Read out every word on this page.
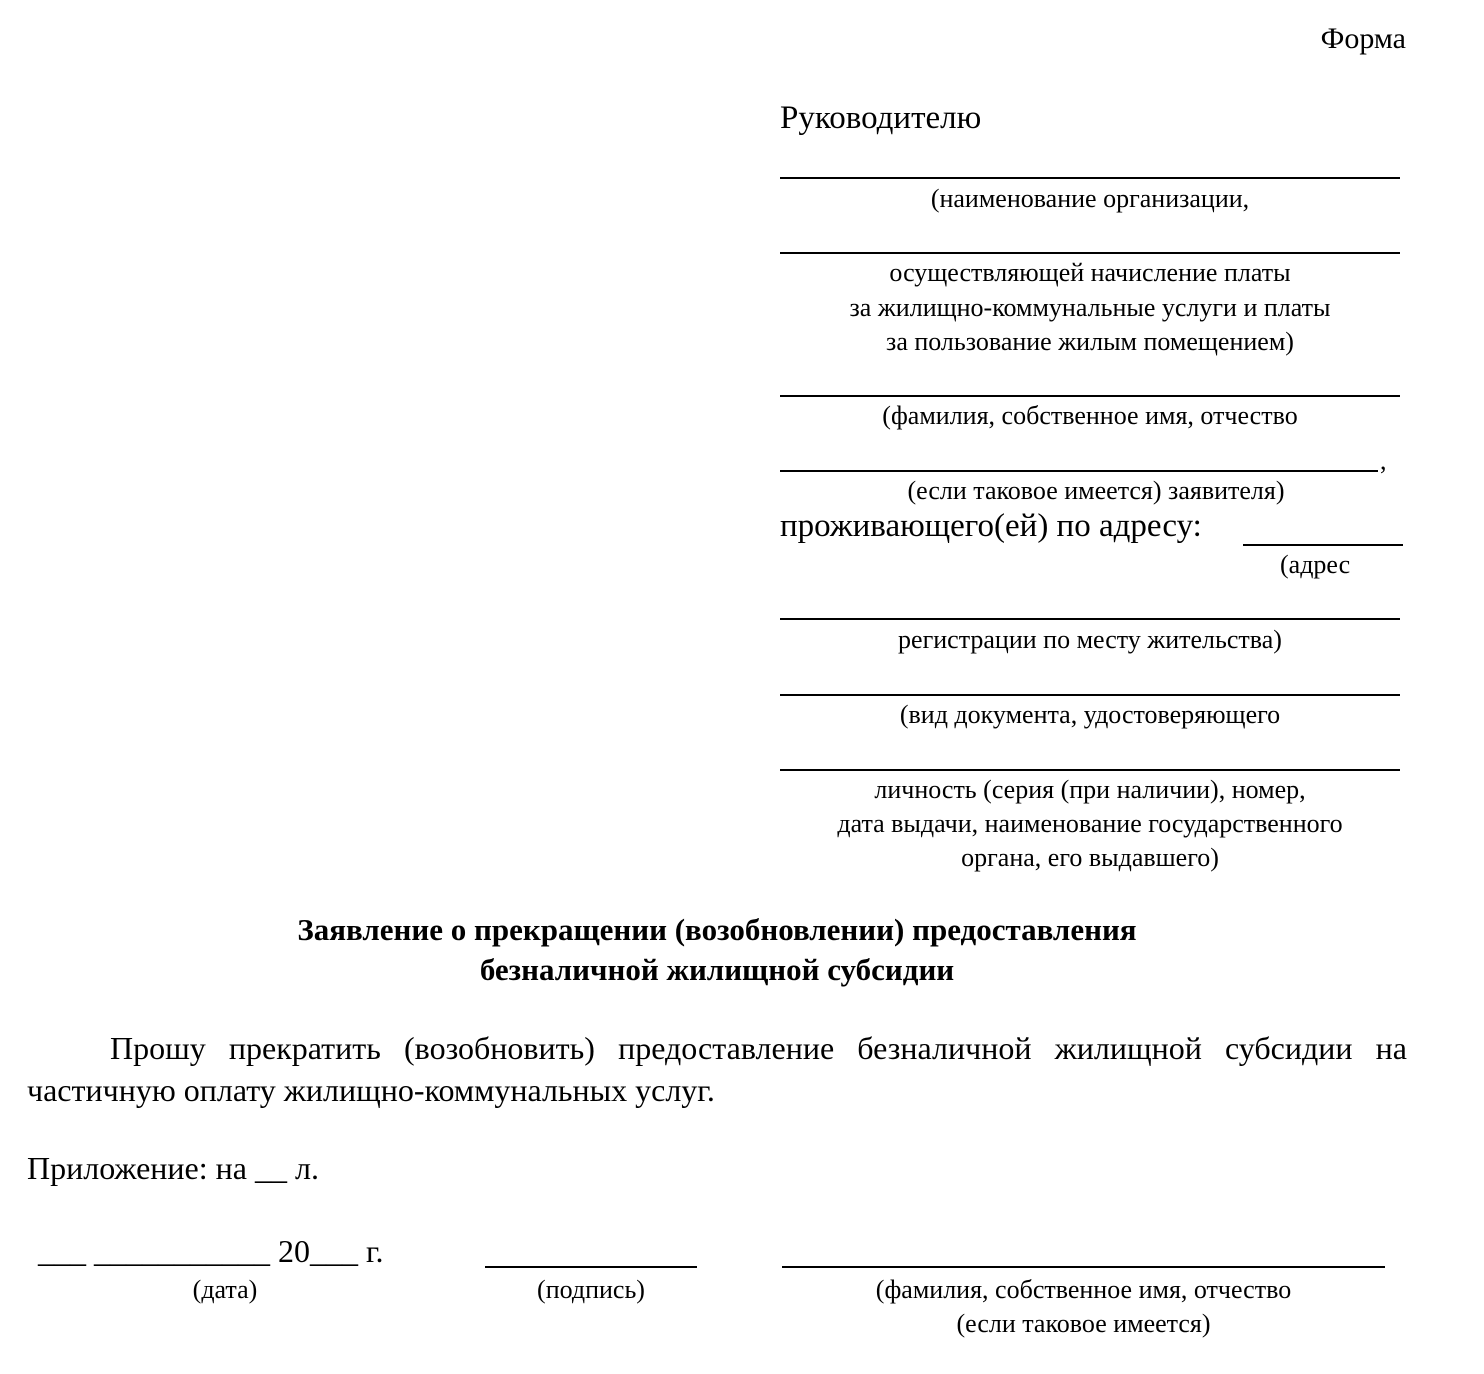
Форма
Руководителю
(наименование организации,
осуществляющей начисление платы
за жилищно-коммунальные услуги и платы
за пользование жилым помещением)
(фамилия, собственное имя, отчество
,
(если таковое имеется) заявителя)
проживающего(ей) по адресу:
(адрес
регистрации по месту жительства)
(вид документа, удостоверяющего
личность (серия (при наличии), номер,
дата выдачи, наименование государственного
органа, его выдавшего)
Заявление о прекращении (возобновлении) предоставления
безналичной жилищной субсидии
Прошу прекратить (возобновить) предоставление безналичной жилищной субсидии на частичную оплату жилищно-коммунальных услуг.
Приложение: на __ л.
___ ___________ 20___ г.
(дата)	(подпись)	(фамилия, собственное имя, отчество
(если таковое имеется)
